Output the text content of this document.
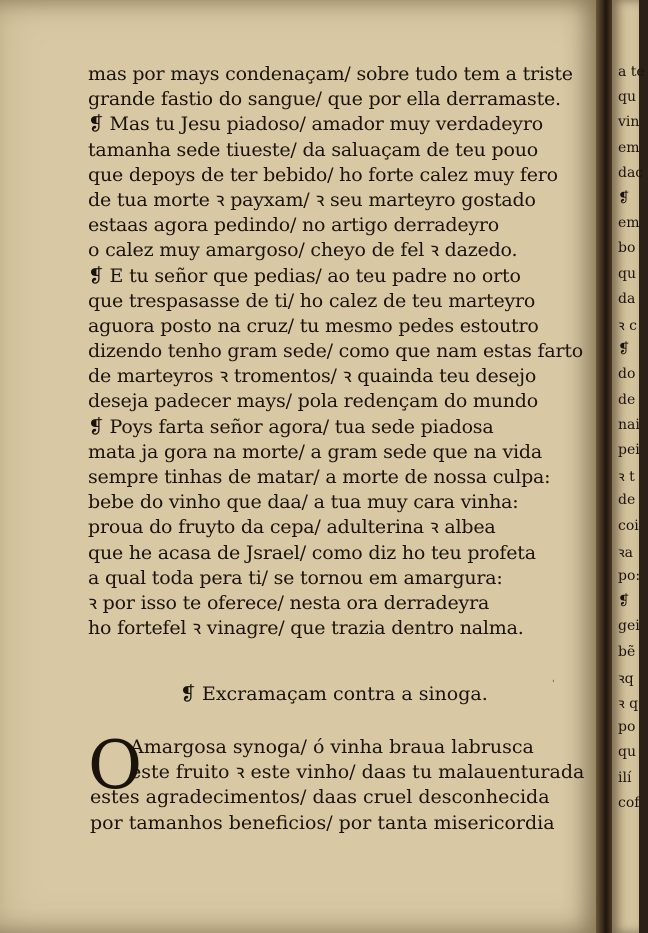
mas por mays condenaçam/ sobre tudo tem a triste
grande fastio do sangue/ que por ella derramaste.
❡ Mas tu Jesu piadoso/ amador muy verdadeyro
tamanha sede tiueste/ da saluaçam de teu pouo
que depoys de ter bebido/ ho forte calez muy fero
de tua morte ꝛ payxam/ ꝛ seu marteyro gostado
estaas agora pedindo/ no artigo derradeyro
o calez muy amargoso/ cheyo de fel ꝛ dazedo.
❡ E tu señor que pedias/ ao teu padre no orto
que trespasasse de ti/ ho calez de teu marteyro
aguora posto na cruz/ tu mesmo pedes estoutro
dizendo tenho gram sede/ como que nam estas farto
de marteyros ꝛ tromentos/ ꝛ quainda teu desejo
deseja padecer mays/ pola redençam do mundo
❡ Poys farta señor agora/ tua sede piadosa
mata ja gora na morte/ a gram sede que na vida
sempre tinhas de matar/ a morte de nossa culpa:
bebe do vinho que daa/ a tua muy cara vinha:
proua do fruyto da cepa/ adulterina ꝛ albea
que he acasa de Jsrael/ como diz ho teu profeta
a qual toda pera ti/ se tornou em amargura:
ꝛ por isso te oferece/ nesta ora derradeyra
ho fortefel ꝛ vinagre/ que trazia dentro nalma.
❡ Excramaçam contra a sinoga.
O
Amargosa synoga/ ó vinha braua labrusca
este fruito ꝛ este vinho/ daas tu malauenturada
estes agradecimentos/ daas cruel desconhecida
por tamanhos beneficios/ por tanta misericordia
ˌ
a te
qu
vin
em
dac
❡
em
bo
qu
da
ꝛ c
❡
do
de
nai
pei
ꝛ t
de
coi
ꝛa
po:
❡
gei
bẽ
ꝛq
ꝛ q
po
qu
ilí
cof
